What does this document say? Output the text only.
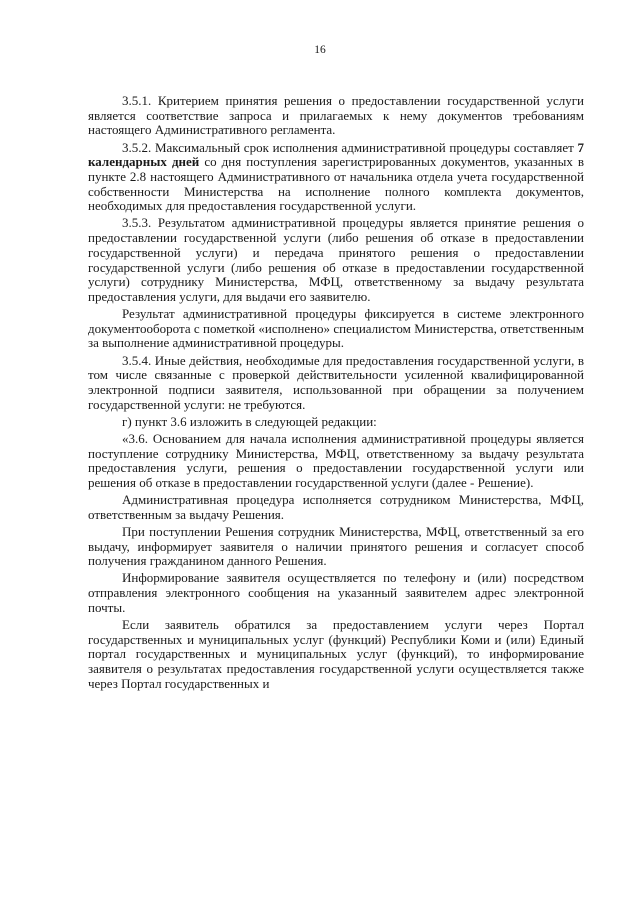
16

3.5.1. Критерием принятия решения о предоставлении государственной услуги является соответствие запроса и прилагаемых к нему документов требованиям настоящего Административного регламента.

3.5.2. Максимальный срок исполнения административной процедуры составляет 7 календарных дней со дня поступления зарегистрированных документов, указанных в пункте 2.8 настоящего Административного от начальника отдела учета государственной собственности Министерства на исполнение полного комплекта документов, необходимых для предоставления государственной услуги.

3.5.3. Результатом административной процедуры является принятие решения о предоставлении государственной услуги (либо решения об отказе в предоставлении государственной услуги) и передача принятого решения о предоставлении государственной услуги (либо решения об отказе в предоставлении государственной услуги) сотруднику Министерства, МФЦ, ответственному за выдачу результата предоставления услуги, для выдачи его заявителю.

Результат административной процедуры фиксируется в системе электронного документооборота с пометкой «исполнено» специалистом Министерства, ответственным за выполнение административной процедуры.

3.5.4. Иные действия, необходимые для предоставления государственной услуги, в том числе связанные с проверкой действительности усиленной квалифицированной электронной подписи заявителя, использованной при обращении за получением государственной услуги: не требуются.

г) пункт 3.6 изложить в следующей редакции:

«3.6. Основанием для начала исполнения административной процедуры является поступление сотруднику Министерства, МФЦ, ответственному за выдачу результата предоставления услуги, решения о предоставлении государственной услуги или решения об отказе в предоставлении государственной услуги (далее - Решение).

Административная процедура исполняется сотрудником Министерства, МФЦ, ответственным за выдачу Решения.

При поступлении Решения сотрудник Министерства, МФЦ, ответственный за его выдачу, информирует заявителя о наличии принятого решения и согласует способ получения гражданином данного Решения.

Информирование заявителя осуществляется по телефону и (или) посредством отправления электронного сообщения на указанный заявителем адрес электронной почты.

Если заявитель обратился за предоставлением услуги через Портал государственных и муниципальных услуг (функций) Республики Коми и (или) Единый портал государственных и муниципальных услуг (функций), то информирование заявителя о результатах предоставления государственной услуги осуществляется также через Портал государственных и
